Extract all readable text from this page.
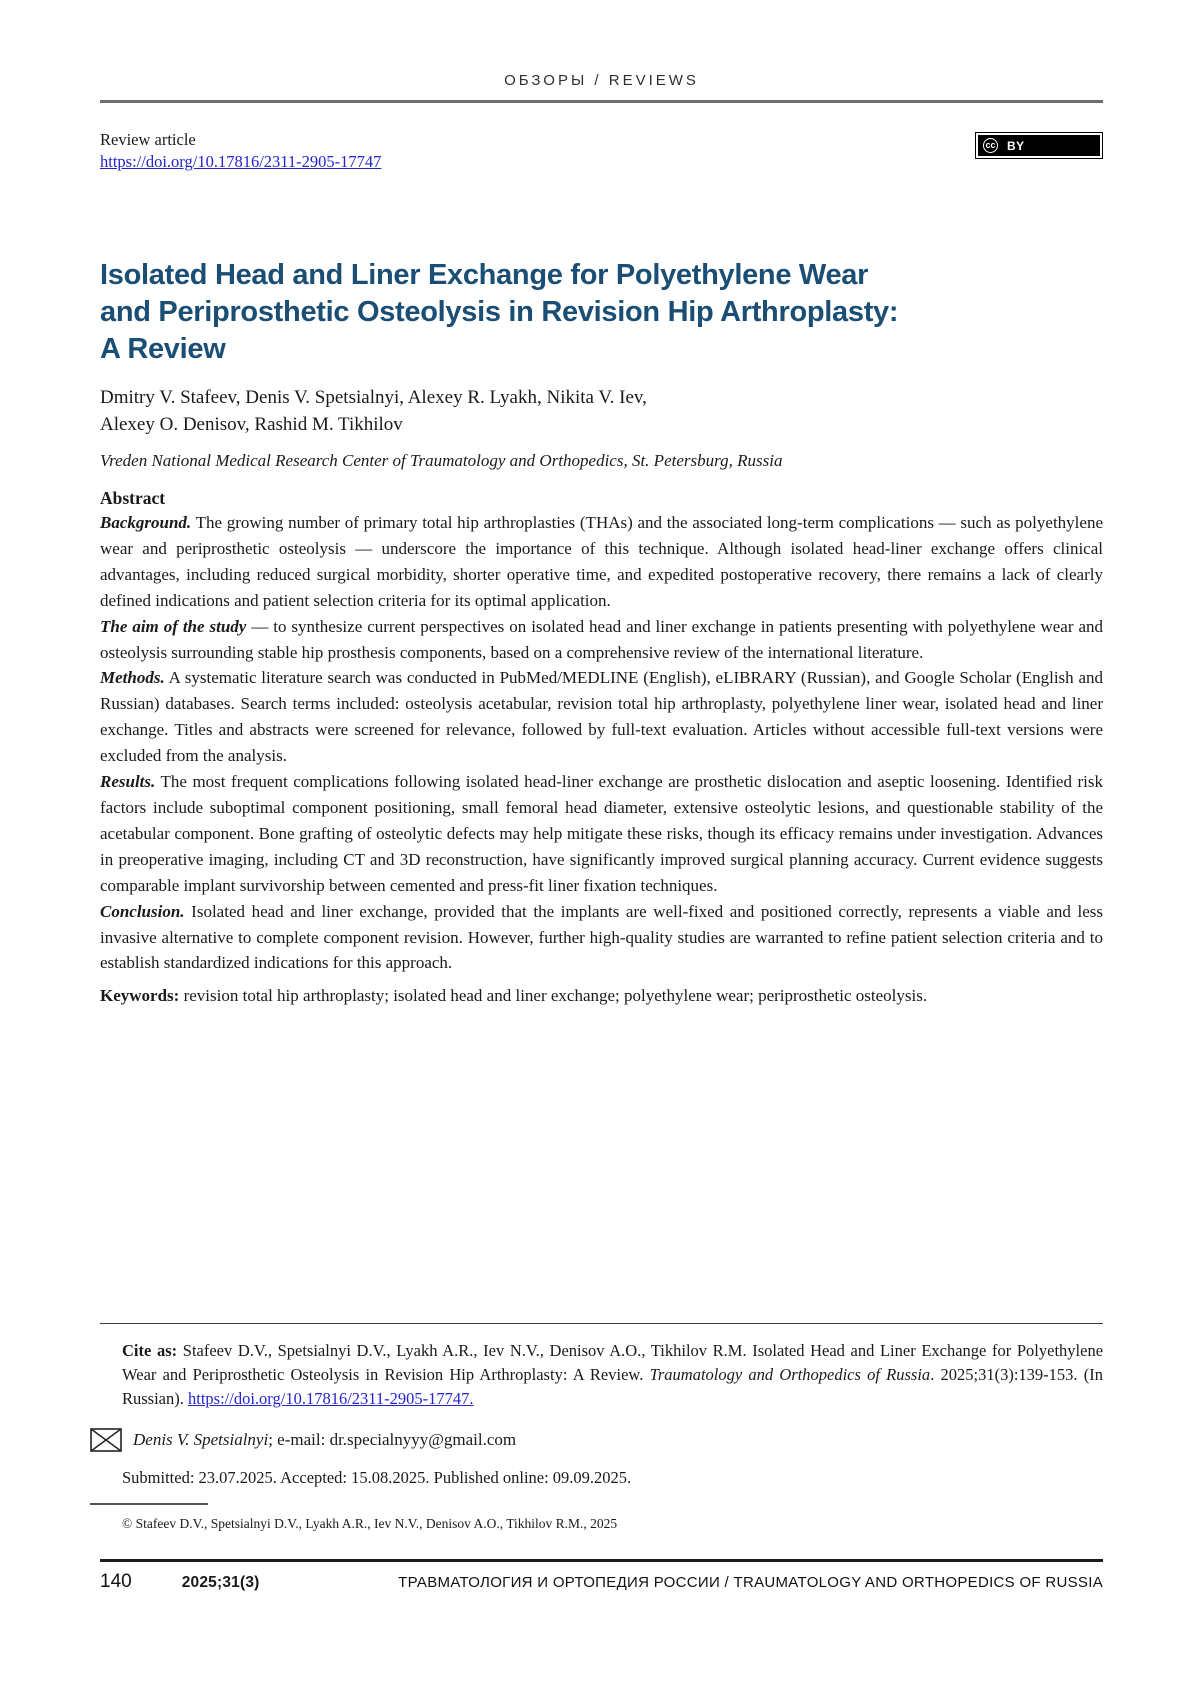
ОБЗОРЫ / REVIEWS
Review article
https://doi.org/10.17816/2311-2905-17747
cc BY
Isolated Head and Liner Exchange for Polyethylene Wear
and Periprosthetic Osteolysis in Revision Hip Arthroplasty:
A Review
Dmitry V. Stafeev, Denis V. Spetsialnyi, Alexey R. Lyakh, Nikita V. Iev,
Alexey O. Denisov, Rashid M. Tikhilov
Vreden National Medical Research Center of Traumatology and Orthopedics, St. Petersburg, Russia
Abstract

Background. The growing number of primary total hip arthroplasties (THAs) and the associated long-term complications — such as polyethylene wear and periprosthetic osteolysis — underscore the importance of this technique. Although isolated head-liner exchange offers clinical advantages, including reduced surgical morbidity, shorter operative time, and expedited postoperative recovery, there remains a lack of clearly defined indications and patient selection criteria for its optimal application.

The aim of the study — to synthesize current perspectives on isolated head and liner exchange in patients presenting with polyethylene wear and osteolysis surrounding stable hip prosthesis components, based on a comprehensive review of the international literature.

Methods. A systematic literature search was conducted in PubMed/MEDLINE (English), eLIBRARY (Russian), and Google Scholar (English and Russian) databases. Search terms included: osteolysis acetabular, revision total hip arthroplasty, polyethylene liner wear, isolated head and liner exchange. Titles and abstracts were screened for relevance, followed by full-text evaluation. Articles without accessible full-text versions were excluded from the analysis.

Results. The most frequent complications following isolated head-liner exchange are prosthetic dislocation and aseptic loosening. Identified risk factors include suboptimal component positioning, small femoral head diameter, extensive osteolytic lesions, and questionable stability of the acetabular component. Bone grafting of osteolytic defects may help mitigate these risks, though its efficacy remains under investigation. Advances in preoperative imaging, including CT and 3D reconstruction, have significantly improved surgical planning accuracy. Current evidence suggests comparable implant survivorship between cemented and press-fit liner fixation techniques.

Conclusion. Isolated head and liner exchange, provided that the implants are well-fixed and positioned correctly, represents a viable and less invasive alternative to complete component revision. However, further high-quality studies are warranted to refine patient selection criteria and to establish standardized indications for this approach.

Keywords: revision total hip arthroplasty; isolated head and liner exchange; polyethylene wear; periprosthetic osteolysis.

Cite as: Stafeev D.V., Spetsialnyi D.V., Lyakh A.R., Iev N.V., Denisov A.O., Tikhilov R.M. Isolated Head and Liner Exchange for Polyethylene Wear and Periprosthetic Osteolysis in Revision Hip Arthroplasty: A Review. Traumatology and Orthopedics of Russia. 2025;31(3):139-153. (In Russian). https://doi.org/10.17816/2311-2905-17747.

Denis V. Spetsialnyi; e-mail: dr.specialnyyy@gmail.com
Submitted: 23.07.2025. Accepted: 15.08.2025. Published online: 09.09.2025.
© Stafeev D.V., Spetsialnyi D.V., Lyakh A.R., Iev N.V., Denisov A.O., Tikhilov R.M., 2025
140	2025;31(3)	ТРАВМАТОЛОГИЯ И ОРТОПЕДИЯ РОССИИ / TRAUMATOLOGY AND ORTHOPEDICS OF RUSSIA
